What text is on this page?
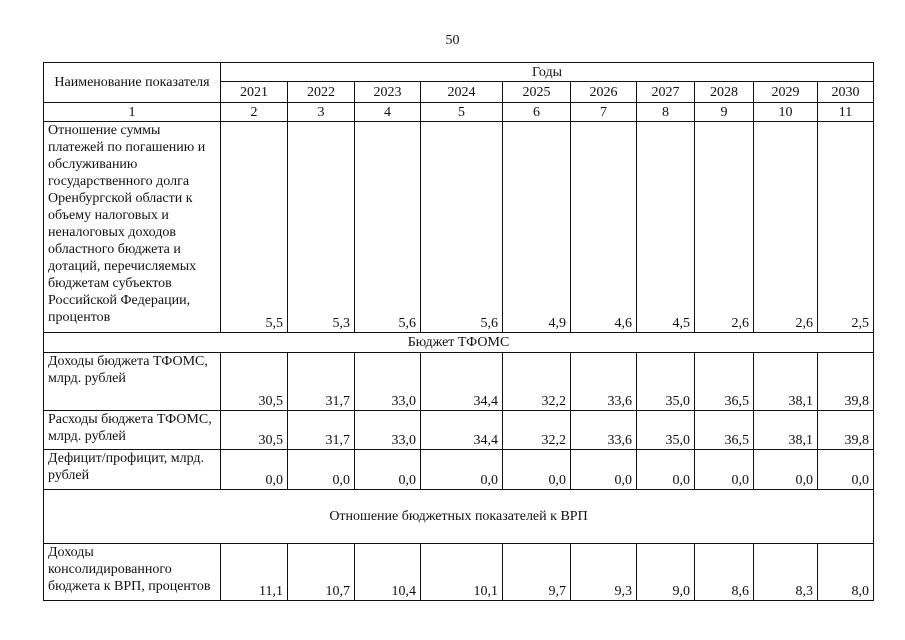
50
Наименование показателя	Годы									
	2021	2022	2023	2024	2025	2026	2027	2028	2029	2030
1	2	3	4	5	6	7	8	9	10	11
Отношение суммы платежей по погашению и обслуживанию государственного долга Оренбургской области к объему налоговых и неналоговых доходов областного бюджета и дотаций, перечисляемых бюджетам субъектов Российской Федерации, процентов	5,5	5,3	5,6	5,6	4,9	4,6	4,5	2,6	2,6	2,5
Бюджет ТФОМС										
Доходы бюджета ТФОМС, млрд. рублей	30,5	31,7	33,0	34,4	32,2	33,6	35,0	36,5	38,1	39,8
Расходы бюджета ТФОМС, млрд. рублей	30,5	31,7	33,0	34,4	32,2	33,6	35,0	36,5	38,1	39,8
Дефицит/профицит, млрд. рублей	0,0	0,0	0,0	0,0	0,0	0,0	0,0	0,0	0,0	0,0
Отношение бюджетных показателей к ВРП										
Доходы консолидированного бюджета к ВРП, процентов	11,1	10,7	10,4	10,1	9,7	9,3	9,0	8,6	8,3	8,0
